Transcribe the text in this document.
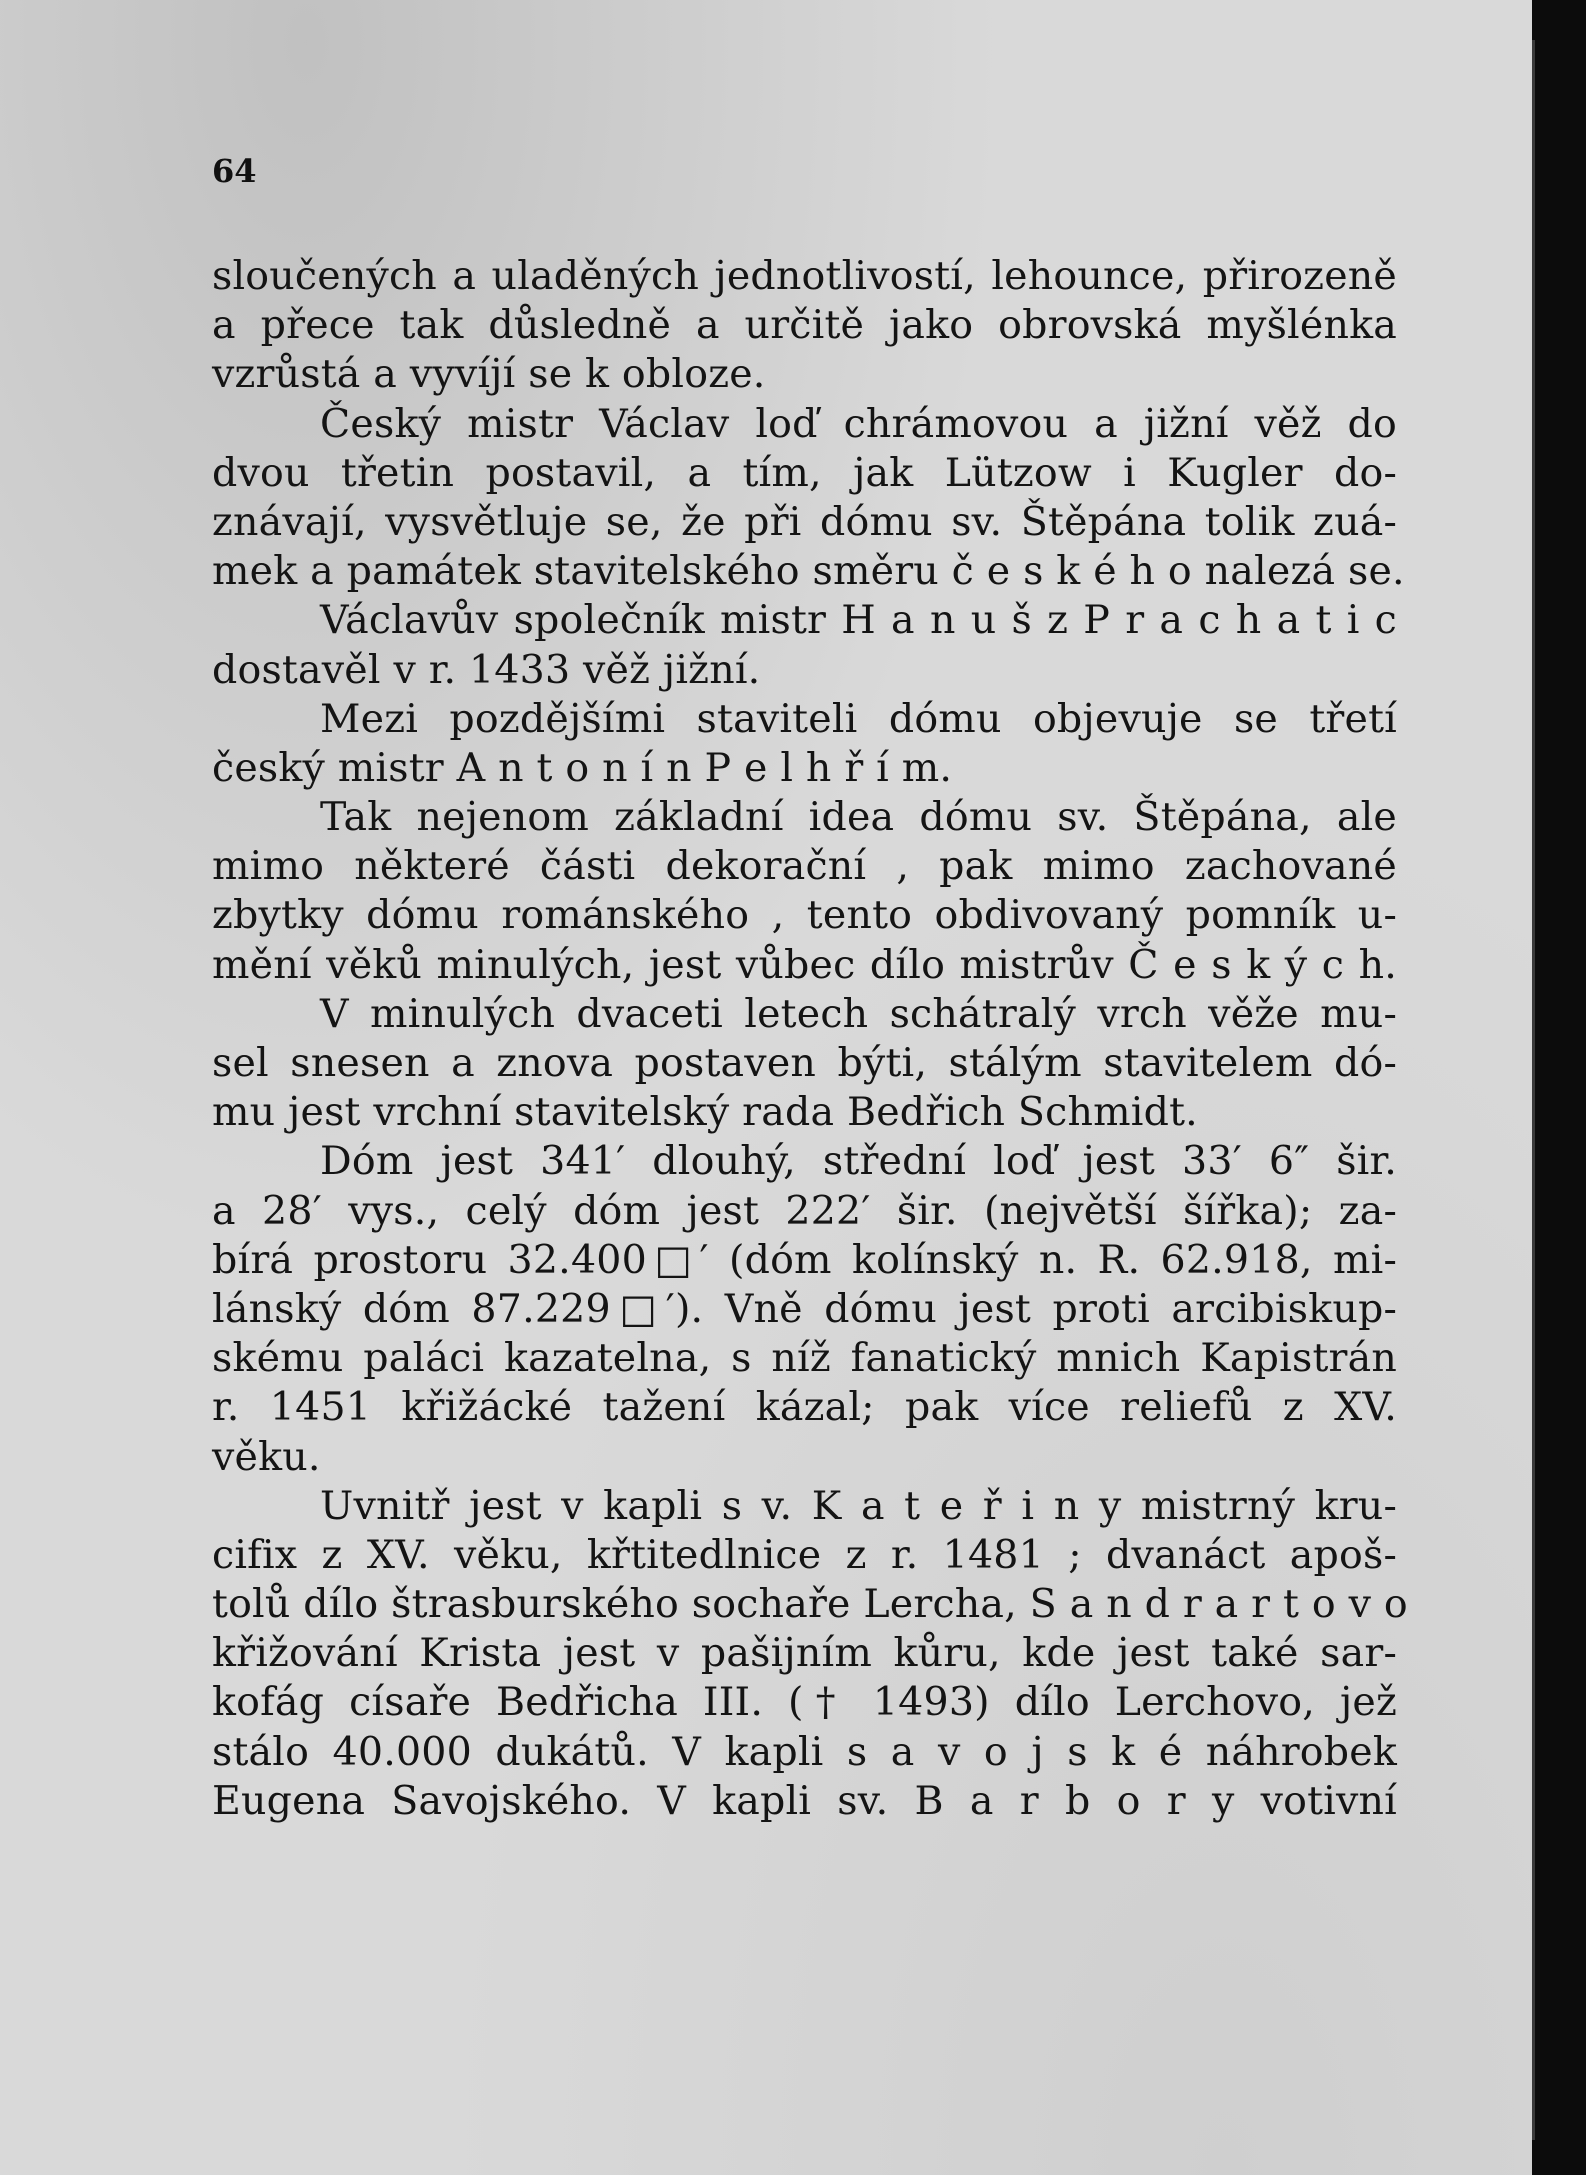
64
sloučených a uladěných jednotlivostí, lehounce, přirozeně
a přece tak důsledně a určitě jako obrovská myšlénka
vzrůstá a vyvíjí se k obloze.
Český mistr Václav loď chrámovou a jižní věž do
dvou třetin postavil, a tím, jak Lützow i Kugler do-
znávají, vysvětluje se, že při dómu sv. Štěpána tolik zuá-
mek a památek stavitelského směru č e s k é h o nalezá se.
Václavův společník mistr H a n u š z P r a c h a t i c
dostavěl v r. 1433 věž jižní.
Mezi pozdějšími staviteli dómu objevuje se třetí
český mistr A n t o n í n P e l h ř í m.
Tak nejenom základní idea dómu sv. Štěpána, ale
mimo některé části dekorační , pak mimo zachované
zbytky dómu románského , tento obdivovaný pomník u-
mění věků minulých, jest vůbec dílo mistrův Č e s k ý c h.
V minulých dvaceti letech schátralý vrch věže mu-
sel snesen a znova postaven býti, stálým stavitelem dó-
mu jest vrchní stavitelský rada Bedřich Schmidt.
Dóm jest 341′ dlouhý, střední loď jest 33′ 6″ šir.
a 28′ vys., celý dóm jest 222′ šir. (největší šířka); za-
bírá prostoru 32.400□′ (dóm kolínský n. R. 62.918, mi-
lánský dóm 87.229□′). Vně dómu jest proti arcibiskup-
skému paláci kazatelna, s níž fanatický mnich Kapistrán
r. 1451 křižácké tažení kázal; pak více reliefů z XV.
věku.
Uvnitř jest v kapli s v. K a t e ř i n y mistrný kru-
cifix z XV. věku, křtitedlnice z r. 1481 ; dvanáct apoš-
tolů dílo štrasburského sochaře Lercha, S a n d r a r t o v o
křižování Krista jest v pašijním kůru, kde jest také sar-
kofág císaře Bedřicha III. († 1493) dílo Lerchovo, jež
stálo 40.000 dukátů. V kapli s a v o j s k é náhrobek
Eugena Savojského. V kapli sv. B a r b o r y votivní
